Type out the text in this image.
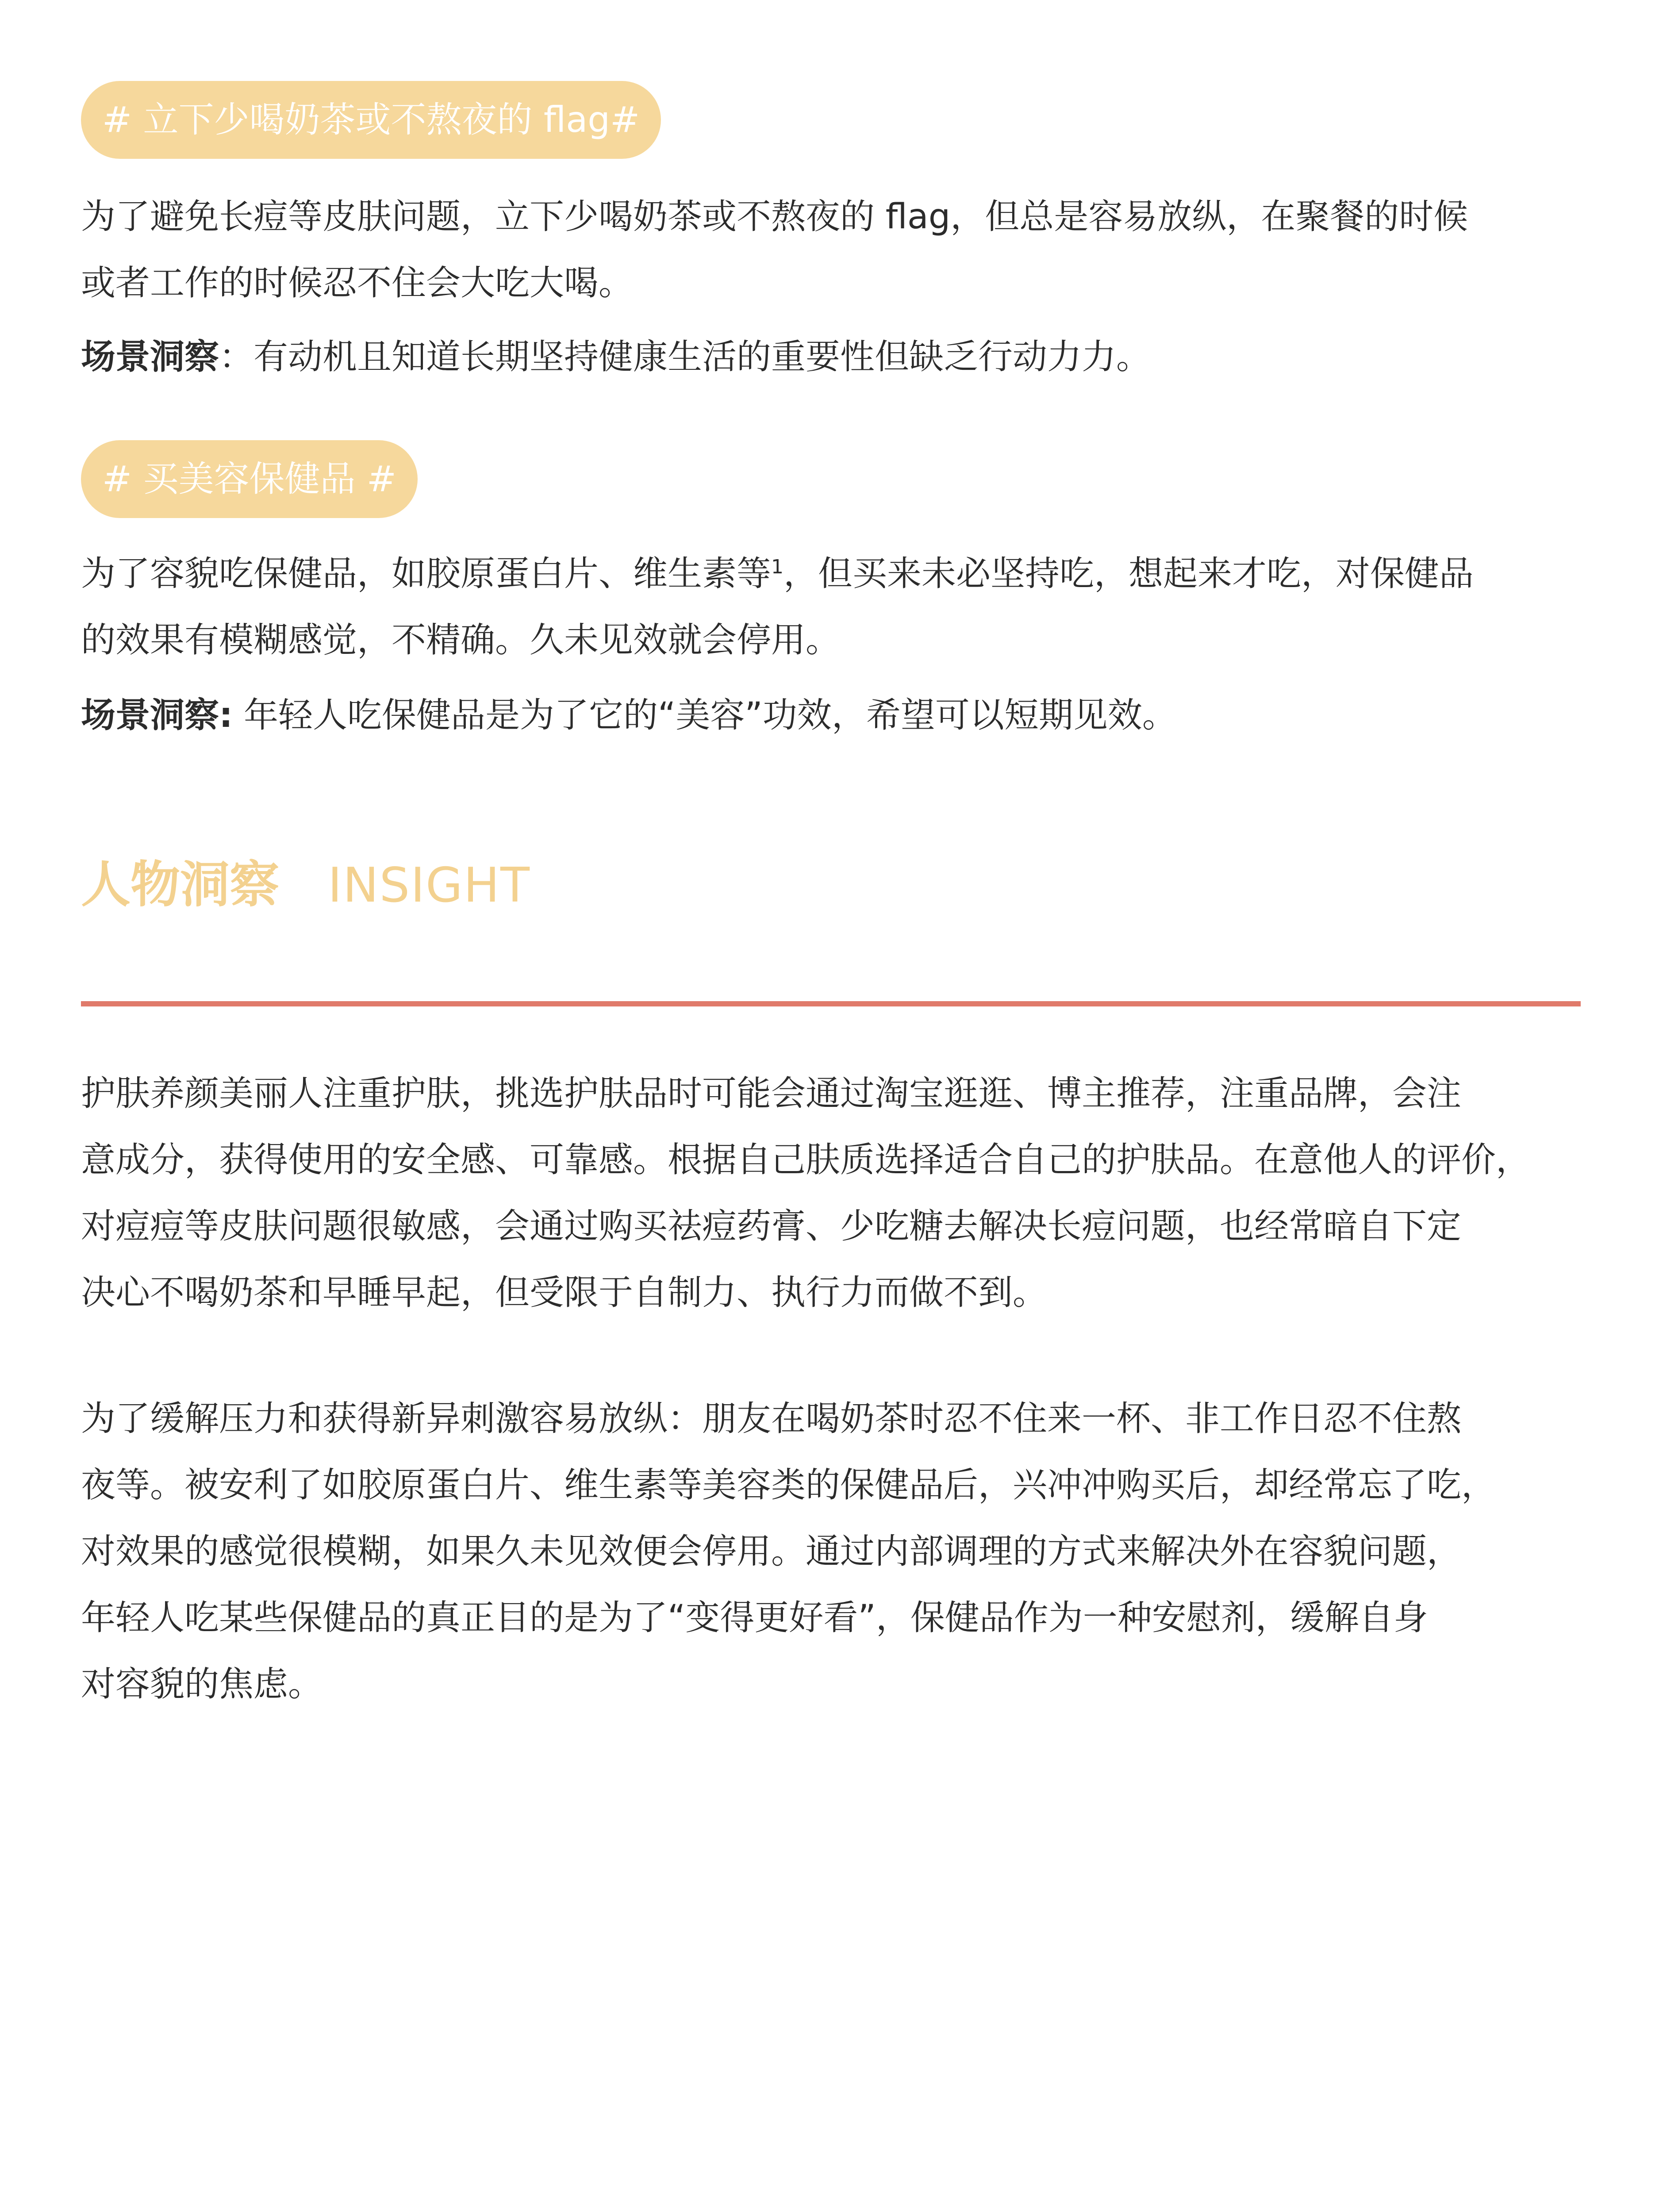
# 立下少喝奶茶或不熬夜的 flag#

为了避免长痘等皮肤问题，立下少喝奶茶或不熬夜的 flag，但总是容易放纵，在聚餐的时候
或者工作的时候忍不住会大吃大喝。

场景洞察：有动机且知道长期坚持健康生活的重要性但缺乏行动力力。

# 买美容保健品 #

为了容貌吃保健品，如胶原蛋白片、维生素等$^1$，但买来未必坚持吃，想起来才吃，对保健品
的效果有模糊感觉，不精确。久未见效就会停用。

场景洞察: 年轻人吃保健品是为了它的“美容”功效，希望可以短期见效。

人物洞察 INSIGHT

护肤养颜美丽人注重护肤，挑选护肤品时可能会通过淘宝逛逛、博主推荐，注重品牌，会注
意成分，获得使用的安全感、可靠感。根据自己肤质选择适合自己的护肤品。在意他人的评价，
对痘痘等皮肤问题很敏感，会通过购买祛痘药膏、少吃糖去解决长痘问题，也经常暗自下定
决心不喝奶茶和早睡早起，但受限于自制力、执行力而做不到。

为了缓解压力和获得新异刺激容易放纵：朋友在喝奶茶时忍不住来一杯、非工作日忍不住熬
夜等。被安利了如胶原蛋白片、维生素等美容类的保健品后，兴冲冲购买后，却经常忘了吃，
对效果的感觉很模糊，如果久未见效便会停用。通过内部调理的方式来解决外在容貌问题，
年轻人吃某些保健品的真正目的是为了“变得更好看”，保健品作为一种安慰剂，缓解自身
对容貌的焦虑。
